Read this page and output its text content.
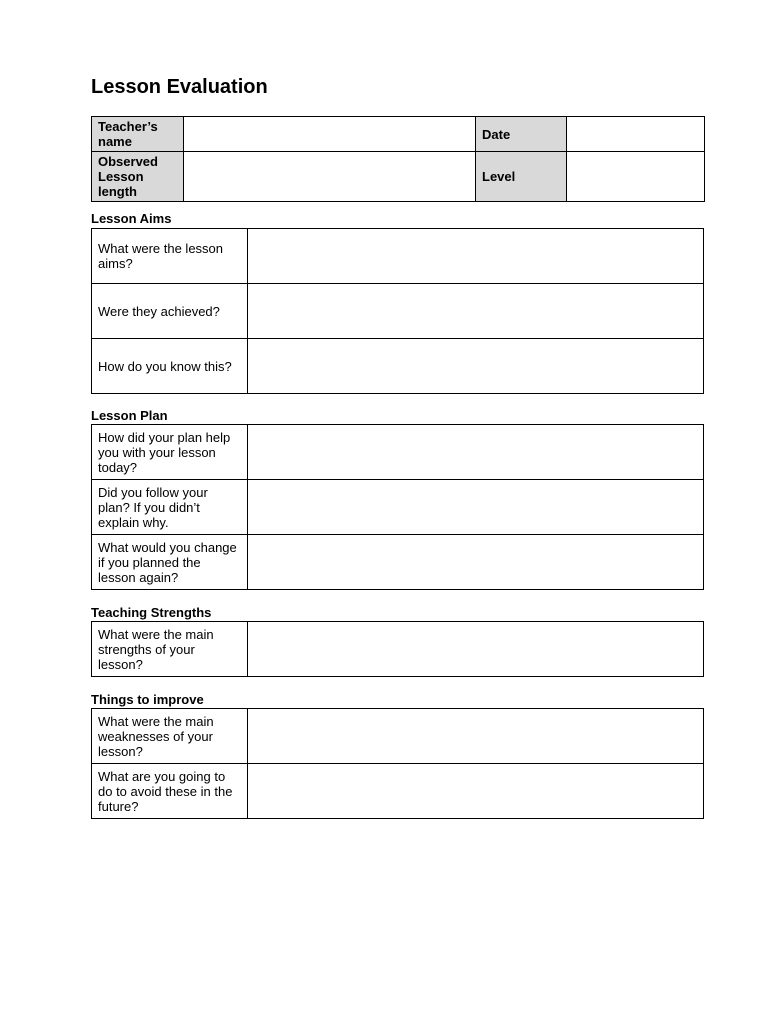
Lesson Evaluation
Teacher’s name		Date	
Observed Lesson length		Level	

Lesson Aims

What were the lesson aims?	
Were they achieved?	
How do you know this?	

Lesson Plan

How did your plan help you with your lesson today?	
Did you follow your plan? If you didn’t explain why.	
What would you change if you planned the lesson again?	

Teaching Strengths

What were the main strengths of your lesson?	

Things to improve

What were the main weaknesses of your lesson?	
What are you going to do to avoid these in the future?	
